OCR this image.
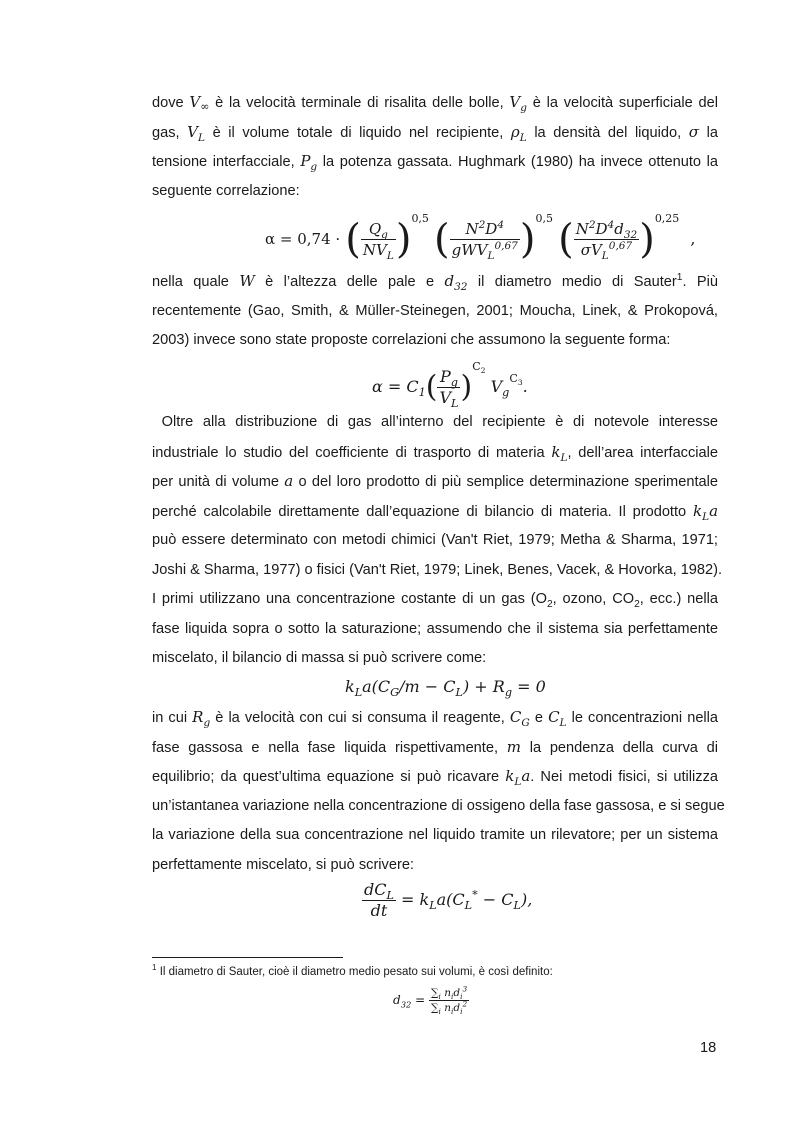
dove $V_\infty$ è la velocità terminale di risalita delle bolle, $V_g$ è la velocità superficiale del
gas, $V_L$ è il volume totale di liquido nel recipiente, $\rho_L$ la densità del liquido, σ la
tensione interfacciale, $P_g$ la potenza gassata. Hughmark (1980) ha invece ottenuto la
seguente correlazione:
α = 0,74 · ( $\frac{Q_g}{NV_L} )^{0,5}$ ( $\frac{N^2D^4}{gWV_L^{0,67}} )^{0,5}$ ( $\frac{N^2D^4d_{32}}{\sigma V_L^{0,67}} )^{0,25}$ ,
nella quale W è l’altezza delle pale e $d_{32}$ il diametro medio di Sauter$^1$. Più
recentemente (Gao, Smith, & Müller-Steinegen, 2001; Moucha, Linek, & Prokopová,
2003) invece sono state proposte correlazioni che assumono la seguente forma:
$\alpha = C_1( \frac{P_g}{V_L} )^{C_2}$ $V_g^{C_3}$.
Oltre alla distribuzione di gas all’interno del recipiente è di notevole interesse
industriale lo studio del coefficiente di trasporto di materia $k_L$, dell’area interfacciale
per unità di volume a o del loro prodotto di più semplice determinazione sperimentale
perché calcolabile direttamente dall’equazione di bilancio di materia. Il prodotto $k_La$
può essere determinato con metodi chimici (Van't Riet, 1979; Metha & Sharma, 1971;
Joshi & Sharma, 1977) o fisici (Van't Riet, 1979; Linek, Benes, Vacek, & Hovorka, 1982).
I primi utilizzano una concentrazione costante di un gas ($O_2$, ozono, $CO_2$, ecc.) nella
fase liquida sopra o sotto la saturazione; assumendo che il sistema sia perfettamente
miscelato, il bilancio di massa si può scrivere come:
$k_La(C_G/m - C_L) + R_g = 0$
in cui $R_g$ è la velocità con cui si consuma il reagente, $C_G$ e $C_L$ le concentrazioni nella
fase gassosa e nella fase liquida rispettivamente, m la pendenza della curva di
equilibrio; da quest’ultima equazione si può ricavare $k_La$. Nei metodi fisici, si utilizza
un’istantanea variazione nella concentrazione di ossigeno della fase gassosa, e si segue
la variazione della sua concentrazione nel liquido tramite un rilevatore; per un sistema
perfettamente miscelato, si può scrivere:
$\frac{dC_L}{dt} = k_La(C_L^* - C_L)$,
$^1$ Il diametro di Sauter, cioè il diametro medio pesato sui volumi, è così definito:
$d_{32} = \frac{\sum_i n_id_i^3}{\sum_i n_id_i^2}$
18
